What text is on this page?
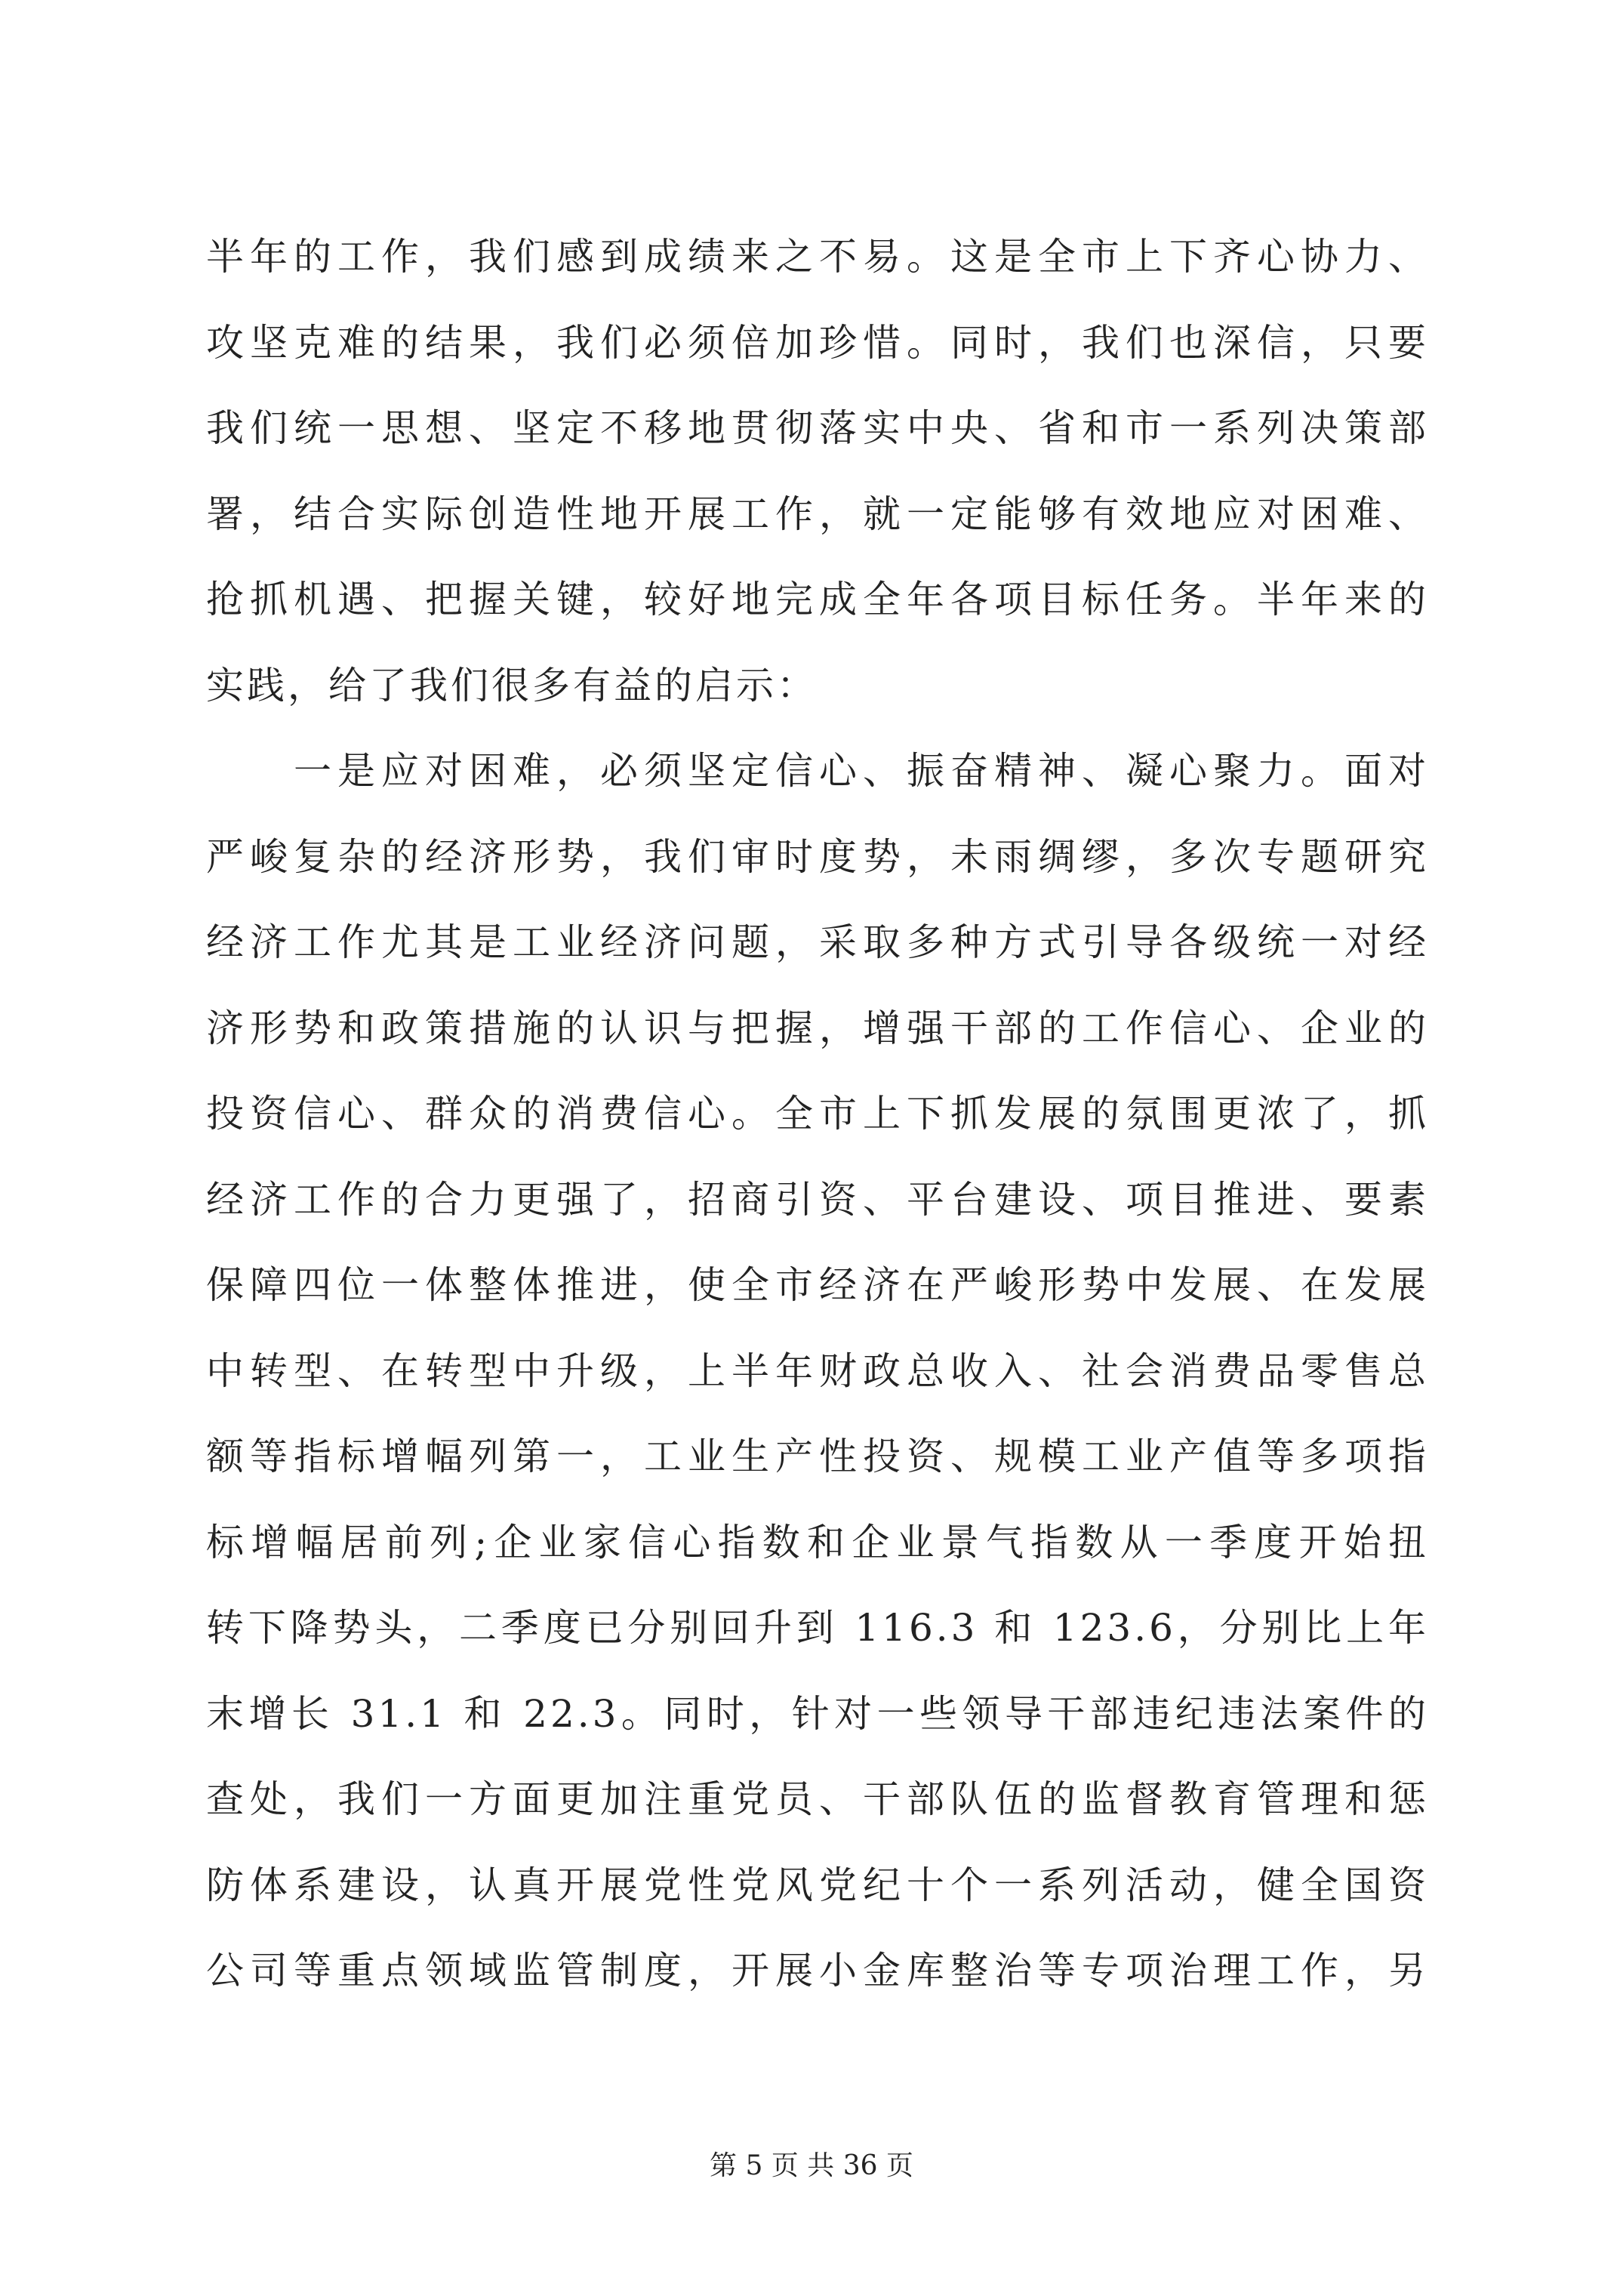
半年的工作，我们感到成绩来之不易。这是全市上下齐心协力、
攻坚克难的结果，我们必须倍加珍惜。同时，我们也深信，只要
我们统一思想、坚定不移地贯彻落实中央、省和市一系列决策部
署，结合实际创造性地开展工作，就一定能够有效地应对困难、
抢抓机遇、把握关键，较好地完成全年各项目标任务。半年来的
实践，给了我们很多有益的启示：
　　一是应对困难，必须坚定信心、振奋精神、凝心聚力。面对
严峻复杂的经济形势，我们审时度势，未雨绸缪，多次专题研究
经济工作尤其是工业经济问题，采取多种方式引导各级统一对经
济形势和政策措施的认识与把握，增强干部的工作信心、企业的
投资信心、群众的消费信心。全市上下抓发展的氛围更浓了，抓
经济工作的合力更强了，招商引资、平台建设、项目推进、要素
保障四位一体整体推进，使全市经济在严峻形势中发展、在发展
中转型、在转型中升级，上半年财政总收入、社会消费品零售总
额等指标增幅列第一，工业生产性投资、规模工业产值等多项指
标增幅居前列;企业家信心指数和企业景气指数从一季度开始扭
转下降势头，二季度已分别回升到 116.3 和 123.6，分别比上年
末增长 31.1 和 22.3。同时，针对一些领导干部违纪违法案件的
查处，我们一方面更加注重党员、干部队伍的监督教育管理和惩
防体系建设，认真开展党性党风党纪十个一系列活动，健全国资
公司等重点领域监管制度，开展小金库整治等专项治理工作，另
第 5 页 共 36 页
